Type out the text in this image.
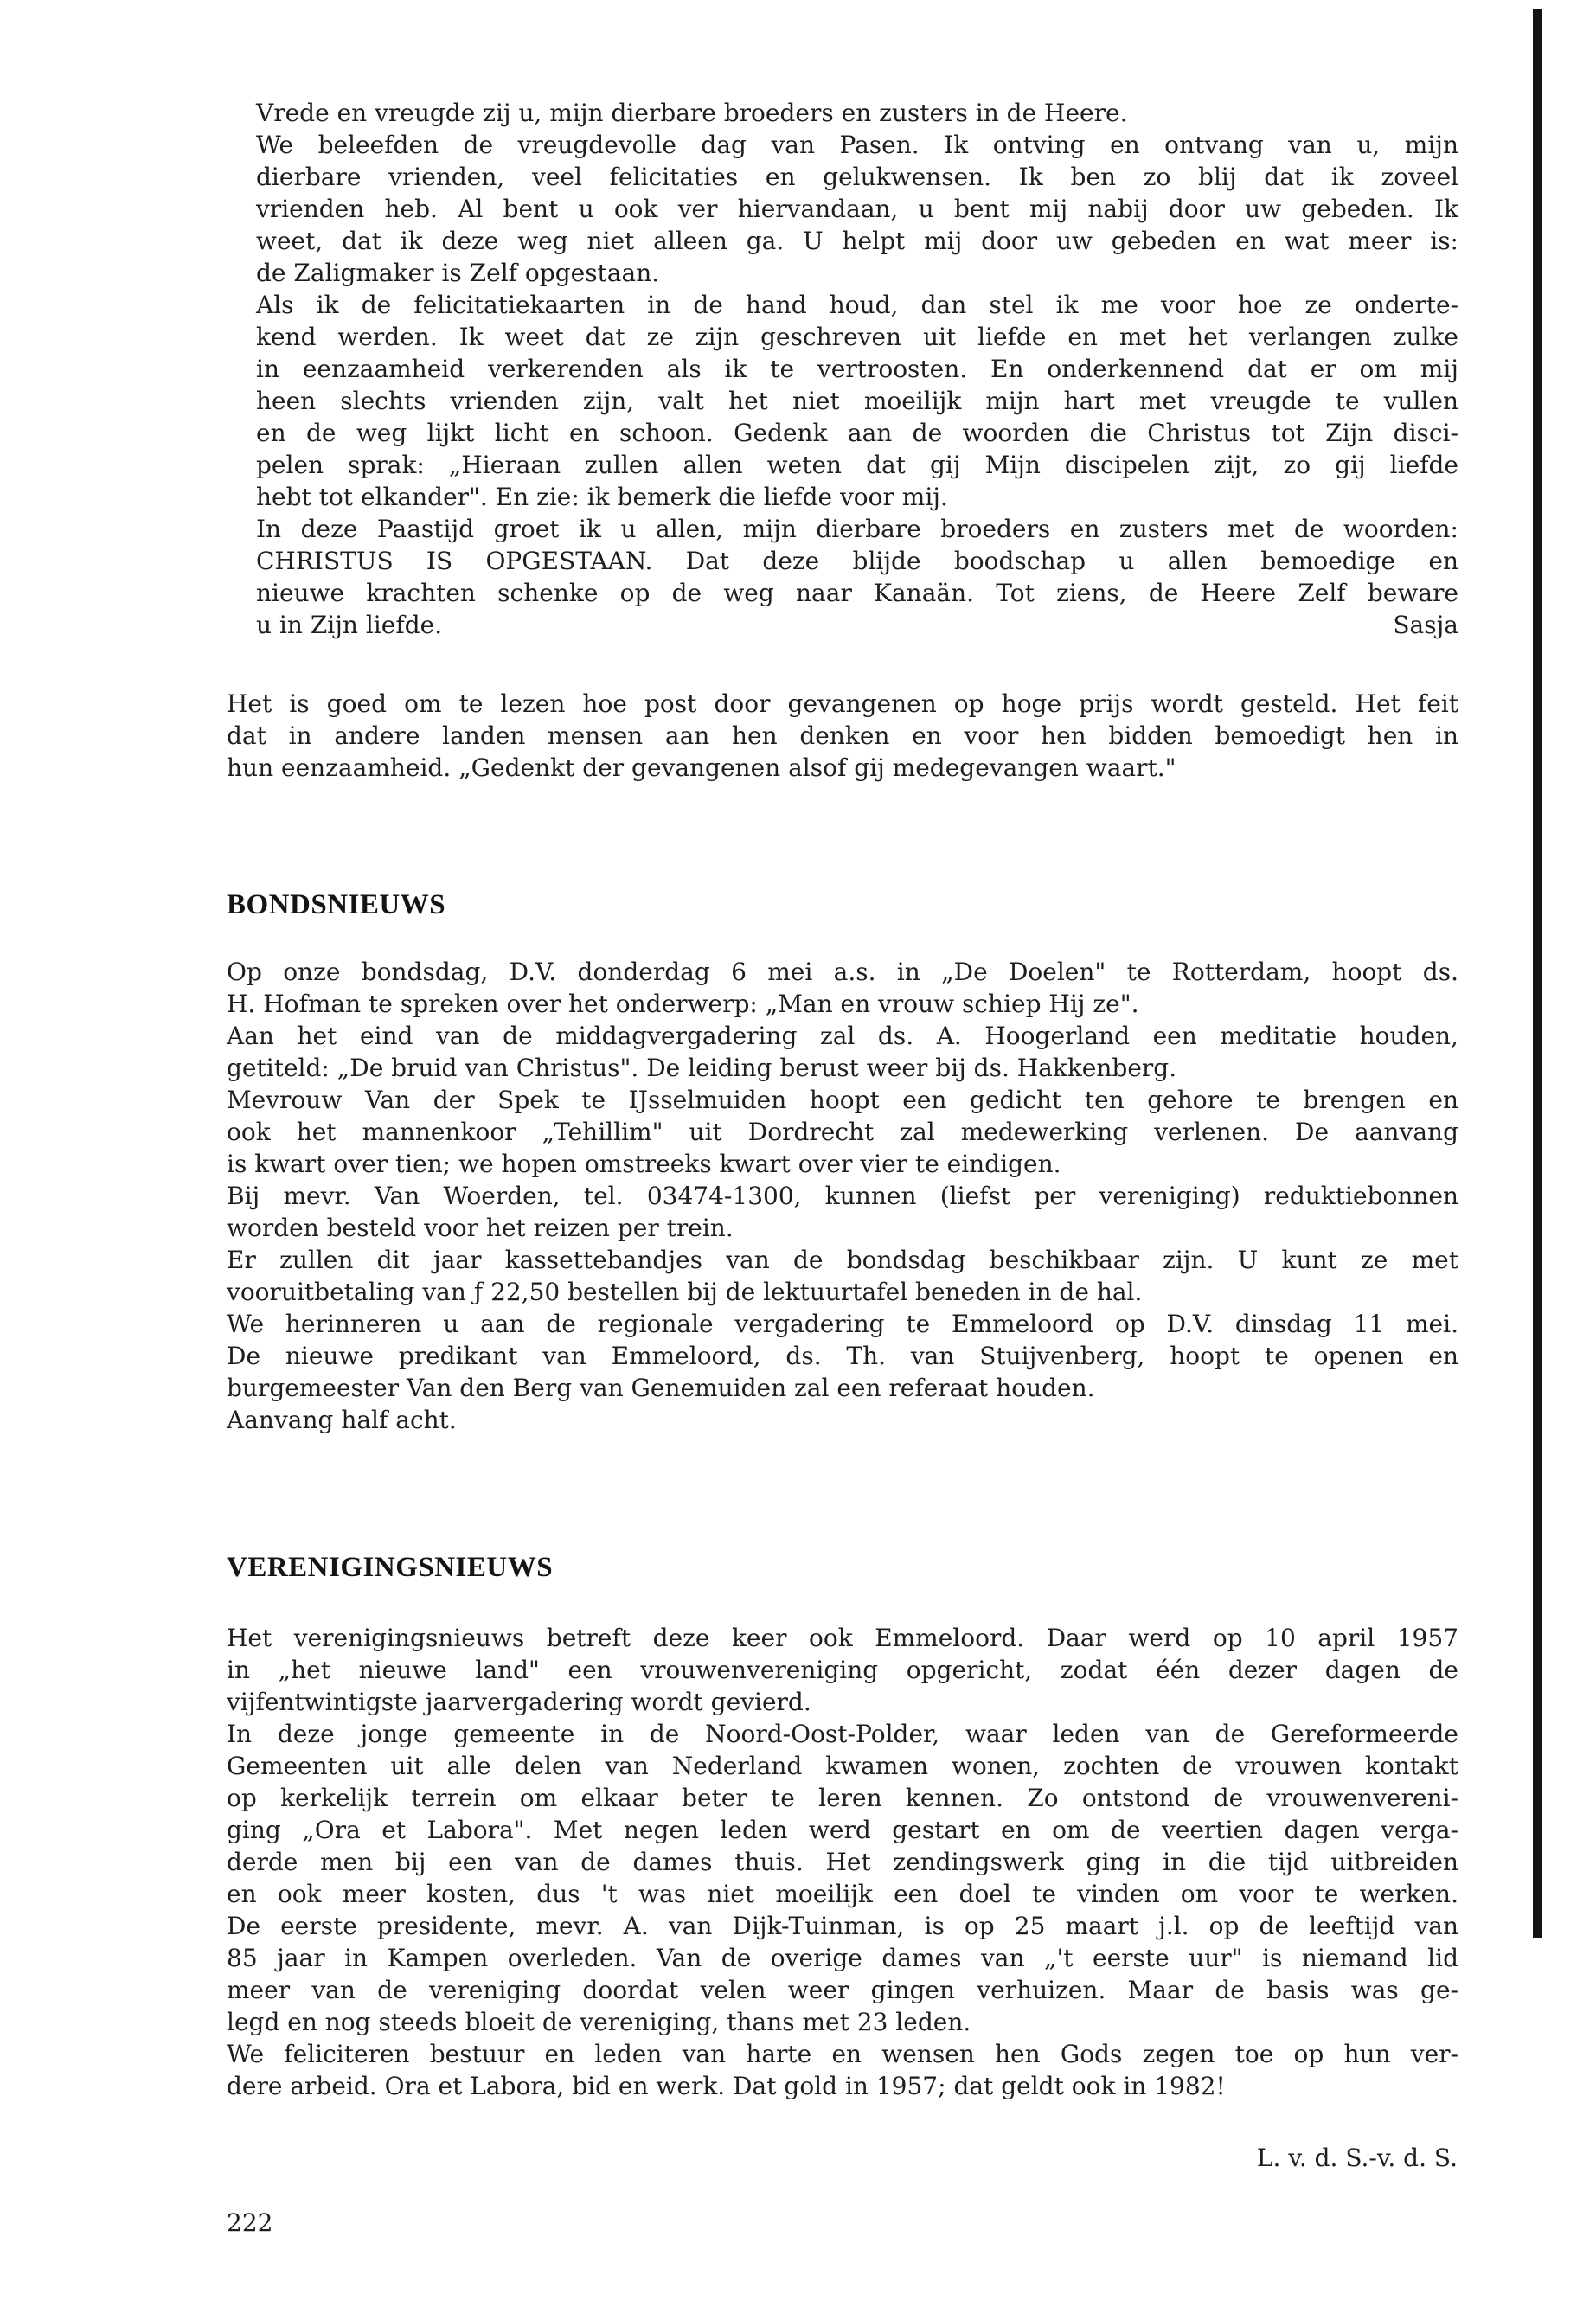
Vrede en vreugde zij u, mijn dierbare broeders en zusters in de Heere.
We beleefden de vreugdevolle dag van Pasen. Ik ontving en ontvang van u, mijn
dierbare vrienden, veel felicitaties en gelukwensen. Ik ben zo blij dat ik zoveel
vrienden heb. Al bent u ook ver hiervandaan, u bent mij nabij door uw gebeden. Ik
weet, dat ik deze weg niet alleen ga. U helpt mij door uw gebeden en wat meer is:
de Zaligmaker is Zelf opgestaan.
Als ik de felicitatiekaarten in de hand houd, dan stel ik me voor hoe ze onderte-
kend werden. Ik weet dat ze zijn geschreven uit liefde en met het verlangen zulke
in eenzaamheid verkerenden als ik te vertroosten. En onderkennend dat er om mij
heen slechts vrienden zijn, valt het niet moeilijk mijn hart met vreugde te vullen
en de weg lijkt licht en schoon. Gedenk aan de woorden die Christus tot Zijn disci-
pelen sprak: „Hieraan zullen allen weten dat gij Mijn discipelen zijt, zo gij liefde
hebt tot elkander". En zie: ik bemerk die liefde voor mij.
In deze Paastijd groet ik u allen, mijn dierbare broeders en zusters met de woorden:
CHRISTUS IS OPGESTAAN. Dat deze blijde boodschap u allen bemoedige en
nieuwe krachten schenke op de weg naar Kanaän. Tot ziens, de Heere Zelf beware
u in Zijn liefde.	Sasja
Het is goed om te lezen hoe post door gevangenen op hoge prijs wordt gesteld. Het feit
dat in andere landen mensen aan hen denken en voor hen bidden bemoedigt hen in
hun eenzaamheid. „Gedenkt der gevangenen alsof gij medegevangen waart."
BONDSNIEUWS
Op onze bondsdag, D.V. donderdag 6 mei a.s. in „De Doelen" te Rotterdam, hoopt ds.
H. Hofman te spreken over het onderwerp: „Man en vrouw schiep Hij ze".
Aan het eind van de middagvergadering zal ds. A. Hoogerland een meditatie houden,
getiteld: „De bruid van Christus". De leiding berust weer bij ds. Hakkenberg.
Mevrouw Van der Spek te IJsselmuiden hoopt een gedicht ten gehore te brengen en
ook het mannenkoor „Tehillim" uit Dordrecht zal medewerking verlenen. De aanvang
is kwart over tien; we hopen omstreeks kwart over vier te eindigen.
Bij mevr. Van Woerden, tel. 03474-1300, kunnen (liefst per vereniging) reduktiebonnen
worden besteld voor het reizen per trein.
Er zullen dit jaar kassettebandjes van de bondsdag beschikbaar zijn. U kunt ze met
vooruitbetaling van ƒ 22,50 bestellen bij de lektuurtafel beneden in de hal.
We herinneren u aan de regionale vergadering te Emmeloord op D.V. dinsdag 11 mei.
De nieuwe predikant van Emmeloord, ds. Th. van Stuijvenberg, hoopt te openen en
burgemeester Van den Berg van Genemuiden zal een referaat houden.
Aanvang half acht.
VERENIGINGSNIEUWS
Het verenigingsnieuws betreft deze keer ook Emmeloord. Daar werd op 10 april 1957
in „het nieuwe land" een vrouwenvereniging opgericht, zodat één dezer dagen de
vijfentwintigste jaarvergadering wordt gevierd.
In deze jonge gemeente in de Noord-Oost-Polder, waar leden van de Gereformeerde
Gemeenten uit alle delen van Nederland kwamen wonen, zochten de vrouwen kontakt
op kerkelijk terrein om elkaar beter te leren kennen. Zo ontstond de vrouwenvereni-
ging „Ora et Labora". Met negen leden werd gestart en om de veertien dagen verga-
derde men bij een van de dames thuis. Het zendingswerk ging in die tijd uitbreiden
en ook meer kosten, dus 't was niet moeilijk een doel te vinden om voor te werken.
De eerste presidente, mevr. A. van Dijk-Tuinman, is op 25 maart j.l. op de leeftijd van
85 jaar in Kampen overleden. Van de overige dames van „'t eerste uur" is niemand lid
meer van de vereniging doordat velen weer gingen verhuizen. Maar de basis was ge-
legd en nog steeds bloeit de vereniging, thans met 23 leden.
We feliciteren bestuur en leden van harte en wensen hen Gods zegen toe op hun ver-
dere arbeid. Ora et Labora, bid en werk. Dat gold in 1957; dat geldt ook in 1982!
L. v. d. S.-v. d. S.
222
